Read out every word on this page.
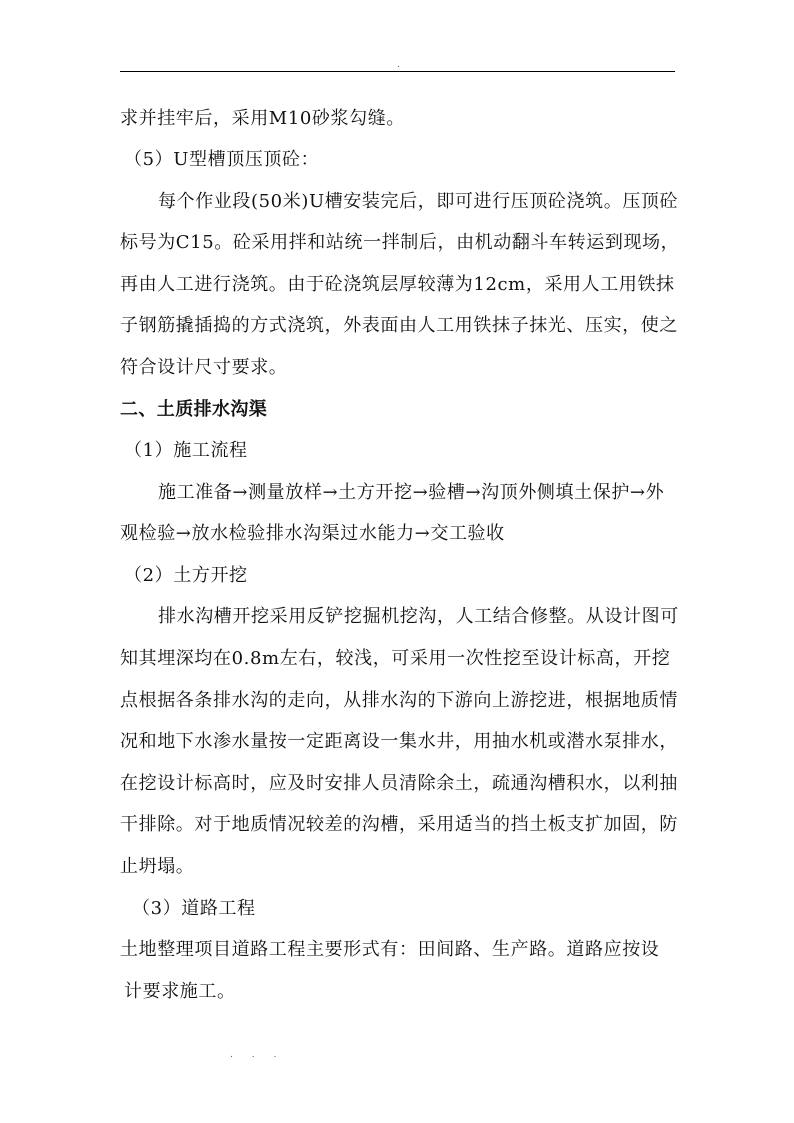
.
求并挂牢后，采用M10砂浆勾缝。
（5）U型槽顶压顶砼：
每个作业段(50米)U槽安装完后，即可进行压顶砼浇筑。压顶砼
标号为C15。砼采用拌和站统一拌制后，由机动翻斗车转运到现场，
再由人工进行浇筑。由于砼浇筑层厚较薄为12cm，采用人工用铁抹
子钢筋撬插捣的方式浇筑，外表面由人工用铁抹子抹光、压实，使之
符合设计尺寸要求。
二、土质排水沟渠
（1）施工流程
施工准备→测量放样→土方开挖→验槽→沟顶外侧填土保护→外
观检验→放水检验排水沟渠过水能力→交工验收
（2）土方开挖
排水沟槽开挖采用反铲挖掘机挖沟，人工结合修整。从设计图可
知其埋深均在0.8m左右，较浅，可采用一次性挖至设计标高，开挖
点根据各条排水沟的走向，从排水沟的下游向上游挖进，根据地质情
况和地下水渗水量按一定距离设一集水井，用抽水机或潜水泵排水，
在挖设计标高时，应及时安排人员清除余土，疏通沟槽积水，以利抽
干排除。对于地质情况较差的沟槽，采用适当的挡土板支扩加固，防
止坍塌。
（3）道路工程
土地整理项目道路工程主要形式有：田间路、生产路。道路应按设
计要求施工。
. . .
